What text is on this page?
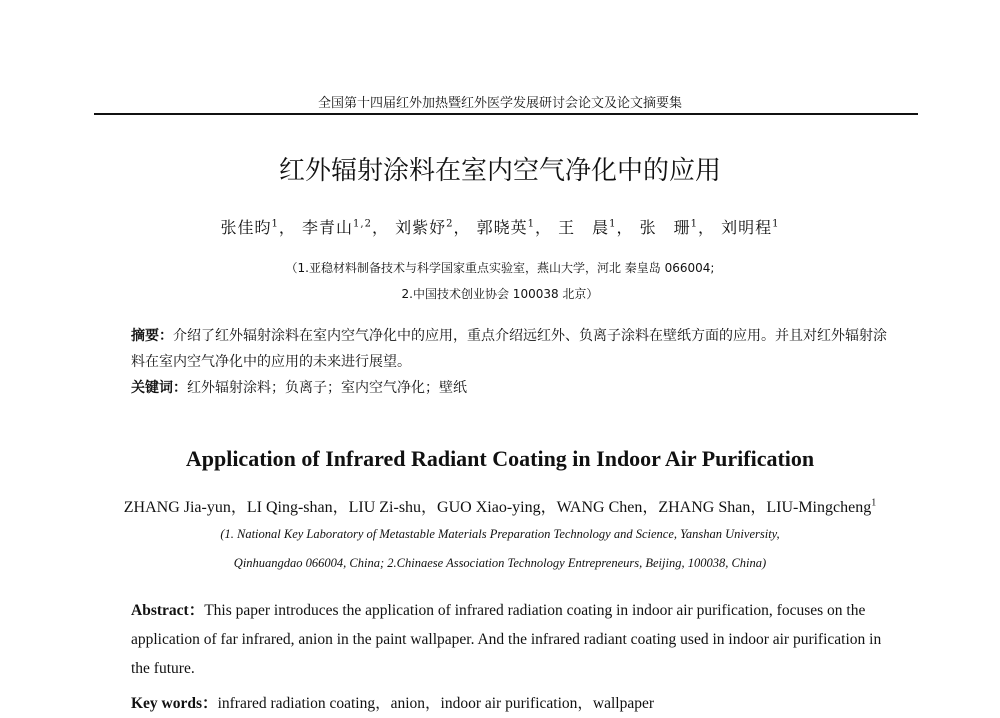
全国第十四届红外加热暨红外医学发展研讨会论文及论文摘要集
红外辐射涂料在室内空气净化中的应用
张佳昀$^1$， 李青山$^{1,2}$， 刘紫妤$^2$， 郭晓英$^1$， 王　晨$^1$， 张　珊$^1$， 刘明程$^1$
（1.亚稳材料制备技术与科学国家重点实验室，燕山大学，河北 秦皇岛 066004;
2.中国技术创业协会 100038 北京）
摘要：介绍了红外辐射涂料在室内空气净化中的应用，重点介绍远红外、负离子涂料在壁纸方面的应用。并且对红外辐射涂料在室内空气净化中的应用的未来进行展望。
关键词：红外辐射涂料；负离子；室内空气净化；壁纸
Application of Infrared Radiant Coating in Indoor Air Purification
ZHANG Jia-yun，LI Qing-shan，LIU Zi-shu，GUO Xiao-ying，WANG Chen，ZHANG Shan，LIU-Mingcheng$^1$
(1. National Key Laboratory of Metastable Materials Preparation Technology and Science, Yanshan University,
Qinhuangdao 066004, China; 2.Chinaese Association Technology Entrepreneurs, Beijing, 100038, China)
Abstract：This paper introduces the application of infrared radiation coating in indoor air purification, focuses on the application of far infrared, anion in the paint wallpaper. And the infrared radiant coating used in indoor air purification in the future.
Key words：infrared radiation coating，anion，indoor air purification，wallpaper
